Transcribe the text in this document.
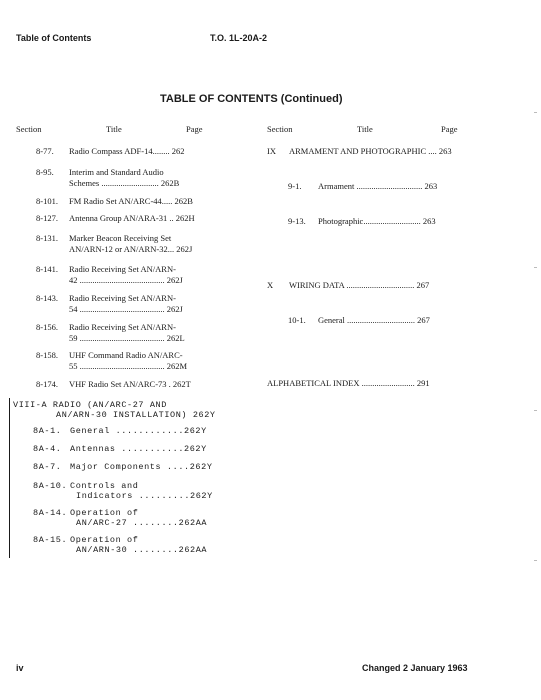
Table of Contents	T.O. 1L-20A-2
TABLE OF CONTENTS (Continued)
Section	Title	Page	Section	Title	Page
8-77. Radio Compass ADF-14........ 262
8-95. Interim and Standard Audio
Schemes ........................... 262B
8-101. FM Radio Set AN/ARC-44..... 262B
8-127. Antenna Group AN/ARA-31 .. 262H
8-131. Marker Beacon Receiving Set
AN/ARN-12 or AN/ARN-32... 262J
8-141. Radio Receiving Set AN/ARN-
42 ........................................ 262J
8-143. Radio Receiving Set AN/ARN-
54 ........................................ 262J
8-156. Radio Receiving Set AN/ARN-
59 ........................................ 262L
8-158. UHF Command Radio AN/ARC-
55 ........................................ 262M
8-174. VHF Radio Set AN/ARC-73 . 262T
VIII-A RADIO (AN/ARC-27 AND
AN/ARN-30 INSTALLATION) 262Y
8A-1. General ............262Y
8A-4. Antennas ...........262Y
8A-7. Major Components ....262Y
8A-10. Controls and
Indicators .........262Y
8A-14. Operation of
AN/ARC-27 ........262AA
8A-15. Operation of
AN/ARN-30 ........262AA
IX ARMAMENT AND PHOTOGRAPHIC .... 263
9-1. Armament ............................... 263
9-13. Photographic........................... 263
X WIRING DATA ................................ 267
10-1. General ................................ 267
ALPHABETICAL INDEX ......................... 291
iv	Changed 2 January 1963
